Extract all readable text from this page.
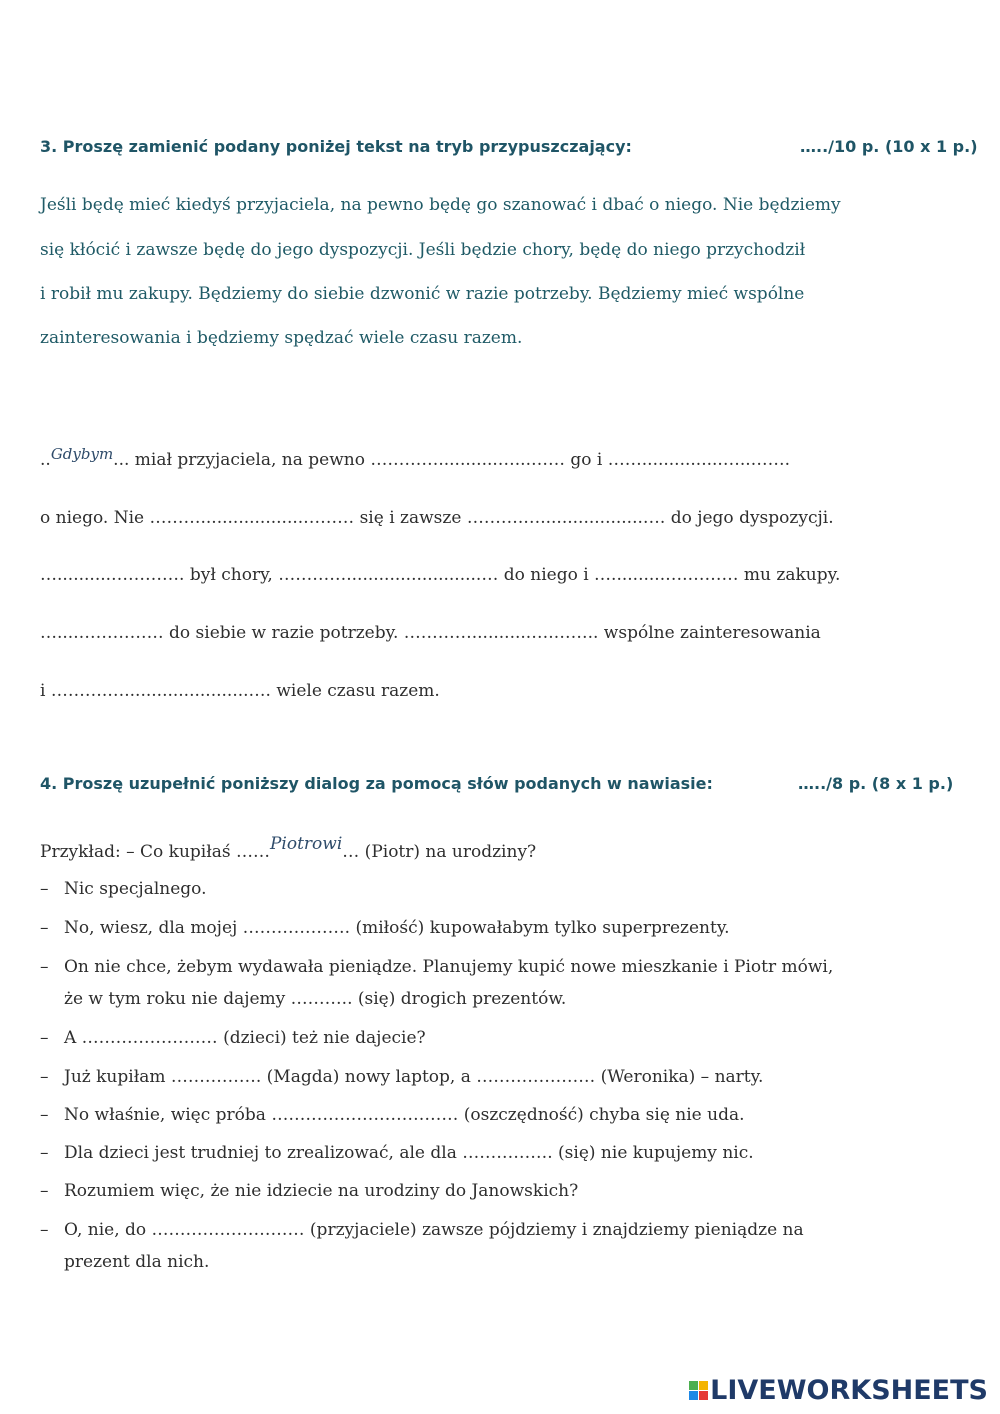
3. Proszę zamienić podany poniżej tekst na tryb przypuszczający:	…../10 p. (10 x 1 p.)
Jeśli będę mieć kiedyś przyjaciela, na pewno będę go szanować i dbać o niego. Nie będziemy
się kłócić i zawsze będę do jego dyspozycji. Jeśli będzie chory, będę do niego przychodził
i robił mu zakupy. Będziemy do siebie dzwonić w razie potrzeby. Będziemy mieć wspólne
zainteresowania i będziemy spędzać wiele czasu razem.
..Gdybym... miał przyjaciela, na pewno …………...........…...…… go i ……...............…..…….
o niego. Nie ………...................……… się i zawsze ……….…...................…. do jego dyspozycji.
…..........…………. był chory, ………….........................… do niego i …..........….……… mu zakupy.
…....…………… do siebie w razie potrzeby. …………...........….…….. wspólne zainteresowania
i ……….….......................…. wiele czasu razem.
4. Proszę uzupełnić poniższy dialog za pomocą słów podanych w nawiasie:	…../8 p. (8 x 1 p.)
Przykład: – Co kupiłaś ……Piotrowi… (Piotr) na urodziny?
– Nic specjalnego.
– No, wiesz, dla mojej ………………. (miłość) kupowałabym tylko superprezenty.
– On nie chce, żebym wydawała pieniądze. Planujemy kupić nowe mieszkanie i Piotr mówi,
że w tym roku nie dajemy ……….. (się) drogich prezentów.
– A …………………… (dzieci) też nie dajecie?
– Już kupiłam ……………. (Magda) nowy laptop, a ………………… (Weronika) – narty.
– No właśnie, więc próba …………………………… (oszczędność) chyba się nie uda.
– Dla dzieci jest trudniej to zrealizować, ale dla ……………. (się) nie kupujemy nic.
– Rozumiem więc, że nie idziecie na urodziny do Janowskich?
– O, nie, do ……………………… (przyjaciele) zawsze pójdziemy i znajdziemy pieniądze na
prezent dla nich.
LIVEWORKSHEETS
